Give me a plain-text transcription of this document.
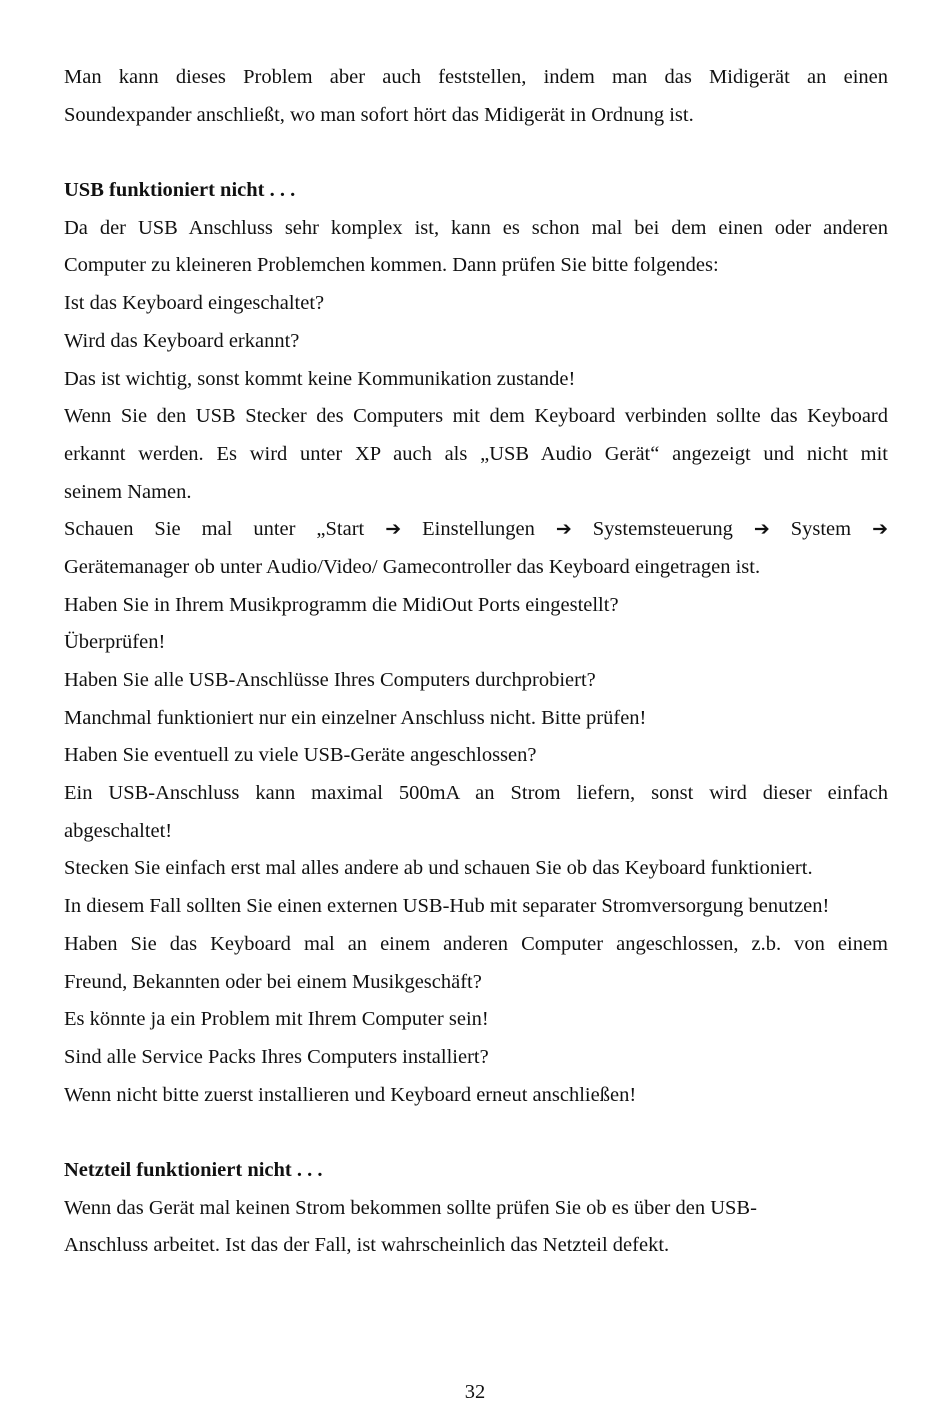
Man kann dieses Problem aber auch feststellen, indem man das Midigerät an einen
Soundexpander anschließt, wo man sofort hört das Midigerät in Ordnung ist.
USB funktioniert nicht . . .
Da der USB Anschluss sehr komplex ist, kann es schon mal bei dem einen oder anderen
Computer zu kleineren Problemchen kommen. Dann prüfen Sie bitte folgendes:
Ist das Keyboard eingeschaltet?
Wird das Keyboard erkannt?
Das ist wichtig, sonst kommt keine Kommunikation zustande!
Wenn Sie den USB Stecker des Computers mit dem Keyboard verbinden sollte das Keyboard
erkannt werden. Es wird unter XP auch als „USB Audio Gerät“ angezeigt und nicht mit
seinem Namen.
Schauen Sie mal unter „Start ➔ Einstellungen ➔ Systemsteuerung ➔ System ➔
Gerätemanager ob unter Audio/Video/ Gamecontroller das Keyboard eingetragen ist.
Haben Sie in Ihrem Musikprogramm die MidiOut Ports eingestellt?
Überprüfen!
Haben Sie alle USB-Anschlüsse Ihres Computers durchprobiert?
Manchmal funktioniert nur ein einzelner Anschluss nicht. Bitte prüfen!
Haben Sie eventuell zu viele USB-Geräte angeschlossen?
Ein USB-Anschluss kann maximal 500mA an Strom liefern, sonst wird dieser einfach
abgeschaltet!
Stecken Sie einfach erst mal alles andere ab und schauen Sie ob das Keyboard funktioniert.
In diesem Fall sollten Sie einen externen USB-Hub mit separater Stromversorgung benutzen!
Haben Sie das Keyboard mal an einem anderen Computer angeschlossen, z.b. von einem
Freund, Bekannten oder bei einem Musikgeschäft?
Es könnte ja ein Problem mit Ihrem Computer sein!
Sind alle Service Packs Ihres Computers installiert?
Wenn nicht bitte zuerst installieren und Keyboard erneut anschließen!
Netzteil funktioniert nicht . . .
Wenn das Gerät mal keinen Strom bekommen sollte prüfen Sie ob es über den USB-
Anschluss arbeitet. Ist das der Fall, ist wahrscheinlich das Netzteil defekt.
32
